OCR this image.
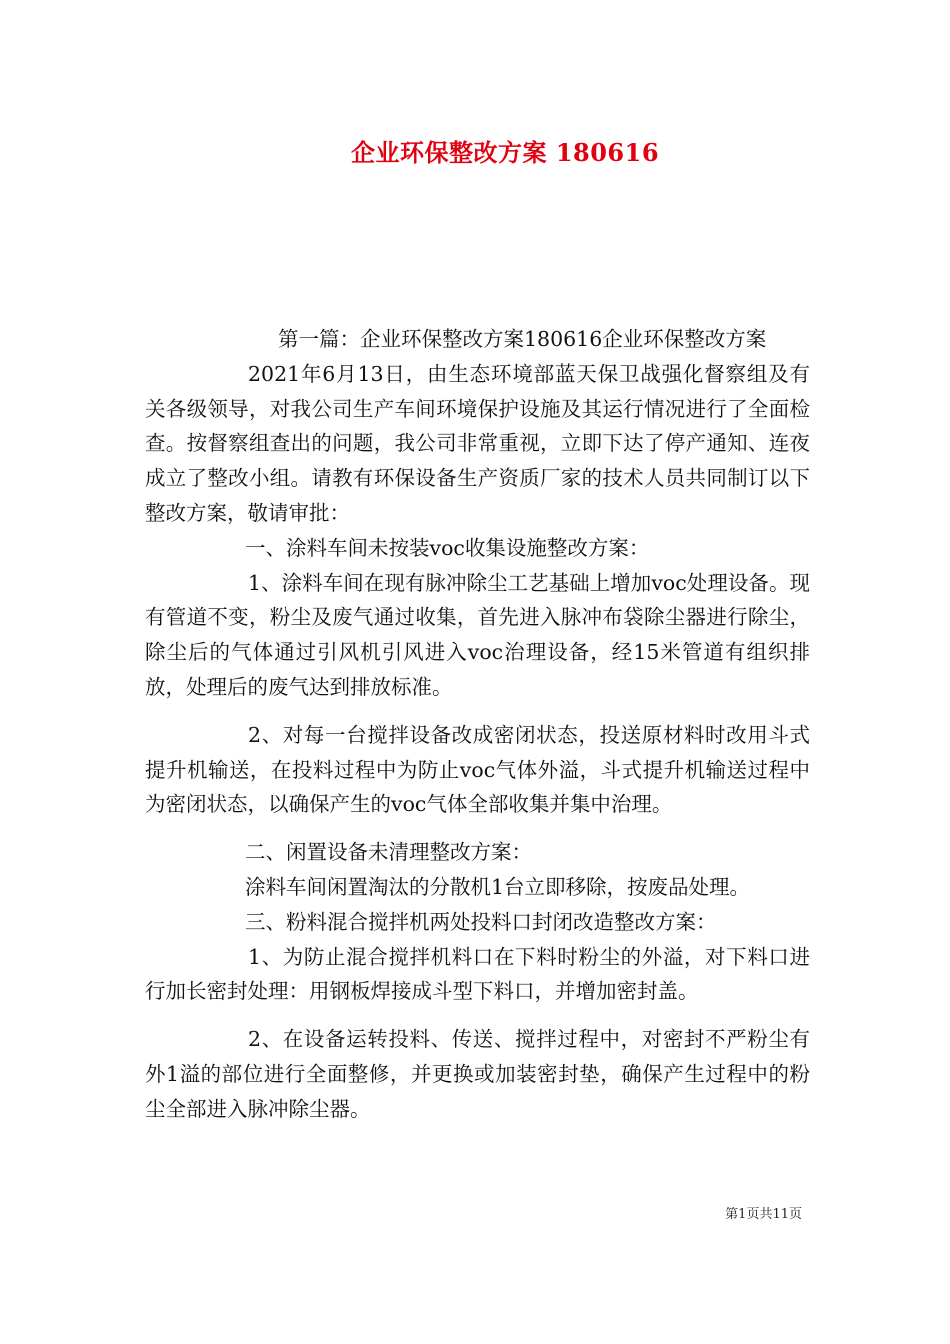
企业环保整改方案 180616

第一篇：企业环保整改方案180616企业环保整改方案

2021年6月13日，由生态环境部蓝天保卫战强化督察组及有关各级领导，对我公司生产车间环境保护设施及其运行情况进行了全面检查。按督察组查出的问题，我公司非常重视，立即下达了停产通知、连夜成立了整改小组。请教有环保设备生产资质厂家的技术人员共同制订以下整改方案，敬请审批：

一、涂料车间未按装voc收集设施整改方案：

1、涂料车间在现有脉冲除尘工艺基础上增加voc处理设备。现有管道不变，粉尘及废气通过收集，首先进入脉冲布袋除尘器进行除尘，除尘后的气体通过引风机引风进入voc治理设备，经15米管道有组织排放，处理后的废气达到排放标准。

2、对每一台搅拌设备改成密闭状态，投送原材料时改用斗式提升机输送，在投料过程中为防止voc气体外溢，斗式提升机输送过程中为密闭状态，以确保产生的voc气体全部收集并集中治理。

二、闲置设备未清理整改方案：

涂料车间闲置淘汰的分散机1台立即移除，按废品处理。

三、粉料混合搅拌机两处投料口封闭改造整改方案：

1、为防止混合搅拌机料口在下料时粉尘的外溢，对下料口进行加长密封处理：用钢板焊接成斗型下料口，并增加密封盖。

2、在设备运转投料、传送、搅拌过程中，对密封不严粉尘有外1溢的部位进行全面整修，并更换或加装密封垫，确保产生过程中的粉尘全部进入脉冲除尘器。

第1页共11页
